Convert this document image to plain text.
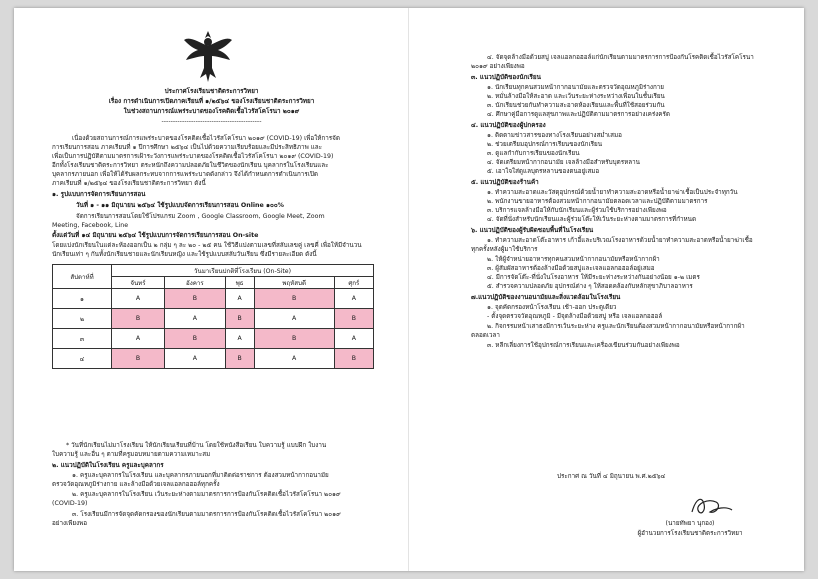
ประกาศโรงเรียนชาติตระการวิทยา
เรื่อง การดำเนินการเปิดภาคเรียนที่ ๑/๒๕๖๔ ของโรงเรียนชาติตระการวิทยา
ในช่วงสถานการณ์แพร่ระบาดของโรคติดเชื้อไวรัสโคโรนา ๒๐๑๙
--------------------------------------------
เนื่องด้วยสถานการณ์การแพร่ระบาดของโรคติดเชื้อไวรัสโคโรนา ๒๐๑๙ (COVID-19) เพื่อให้การจัด
การเรียนการสอน ภาคเรียนที่ ๑ ปีการศึกษา ๒๕๖๔ เป็นไปด้วยความเรียบร้อยและมีประสิทธิภาพ และ
เพื่อเป็นการปฏิบัติตามมาตรการเฝ้าระวังการแพร่ระบาดของโรคติดเชื้อไวรัสโคโรนา ๒๐๑๙ (COVID-19)
อีกทั้งโรงเรียนชาติตระการวิทยา ตระหนักถึงความปลอดภัยในชีวิตของนักเรียน บุคลากรในโรงเรียนและ
บุคลากรภายนอก เพื่อให้ได้รับผลกระทบจากการแพร่ระบาดดังกล่าว จึงได้กำหนดการดำเนินการเปิด
ภาคเรียนที่ ๑/๒๕๖๔ ของโรงเรียนชาติตระการวิทยา ดังนี้
๑. รูปแบบการจัดการเรียนการสอน
วันที่ ๑ - ๑๑ มิถุนายน ๒๕๖๔ ใช้รูปแบบจัดการเรียนการสอน Online ๑๐๐%
จัดการเรียนการสอนโดยใช้โปรแกรม Zoom , Google Classroom, Google Meet, Zoom
Meeting, Facebook, Line
ตั้งแต่วันที่ ๑๔ มิถุนายน ๒๕๖๔ ใช้รูปแบบการจัดการเรียนการสอน On-site
โดยแบ่งนักเรียนในแต่ละห้องออกเป็น ๒ กลุ่ม ๆ ละ ๒๐ - ๒๕ คน ใช้วิธีแบ่งตามเลขที่สลับเลขคู่ เลขคี่ เพื่อให้มีจำนวน
นักเรียนเท่า ๆ กันทั้งนักเรียนชายและนักเรียนหญิง และใช้รูปแบบสลับวันเรียน ซึ่งมีรายละเอียด ดังนี้
สัปดาห์ที่	วันมาเรียนปกติที่โรงเรียน (On-Site)				
	จันทร์	อังคาร	พุธ	พฤหัสบดี	ศุกร์
๑	A	B	A	B	A
๒	B	A	B	A	B
๓	A	B	A	B	A
๔	B	A	B	A	B
* วันที่นักเรียนไม่มาโรงเรียน ให้นักเรียนเรียนที่บ้าน โดยใช้หนังสือเรียน ใบความรู้ แบบฝึก ใบงาน
ใบความรู้ และอื่น ๆ ตามที่ครูมอบหมายตามความเหมาะสม
๒. แนวปฏิบัติในโรงเรียน ครูและบุคลากร
๑. ครูและบุคลากรในโรงเรียน และบุคลากรภายนอกที่มาติดต่อราชการ ต้องสวมหน้ากากอนามัย
ตรวจวัดอุณหภูมิร่างกาย และล้างมือด้วยเจลแอลกอฮอล์ทุกครั้ง
๒. ครูและบุคลากรในโรงเรียน เว้นระยะห่างตามมาตรการการป้องกันโรคติดเชื้อไวรัสโคโรนา ๒๐๑๙
(COVID-19)
๓. โรงเรียนมีการจัดจุดคัดกรองของนักเรียนตามมาตรการการป้องกันโรคติดเชื้อไวรัสโคโรนา ๒๐๑๙
อย่างเพียงพอ
๔. จัดจุดล้างมือด้วยสบู่ เจลแอลกอฮอล์แก่นักเรียนตามมาตรการการป้องกันโรคติดเชื้อไวรัสโคโรนา
๒๐๑๙ อย่างเพียงพอ
๓. แนวปฏิบัติของนักเรียน
๑. นักเรียนทุกคนสวมหน้ากากอนามัยและตรวจวัดอุณหภูมิร่างกาย
๒. หมั่นล้างมือให้สะอาด และเว้นระยะห่างระหว่างเพื่อนในชั้นเรียน
๓. นักเรียนช่วยกันทำความสะอาดห้องเรียนและพื้นที่ใช้สอยร่วมกัน
๔. ศึกษาคู่มือการดูแลสุขภาพและปฏิบัติตามมาตรการอย่างเคร่งครัด
๔. แนวปฏิบัติของผู้ปกครอง
๑. ติดตามข่าวสารของทางโรงเรียนอย่างสม่ำเสมอ
๒. ช่วยเตรียมอุปกรณ์การเรียนของนักเรียน
๓. ดูแลกำกับการเรียนของนักเรียน
๔. จัดเตรียมหน้ากากอนามัย เจลล้างมือสำหรับบุตรหลาน
๕. เอาใจใส่ดูแลบุตรหลานของตนอยู่เสมอ
๕. แนวปฏิบัติของร้านค้า
๑. ทำความสะอาดและวัสดุอุปกรณ์ด้วยน้ำยาทำความสะอาดหรือน้ำยาฆ่าเชื้อเป็นประจำทุกวัน
๒. พนักงานขายอาหารต้องสวมหน้ากากอนามัยตลอดเวลาและปฏิบัติตามมาตรการ
๓. บริการแจลล้างมือให้กับนักเรียนและผู้ร่วมใช้บริการอย่างเพียงพอ
๔. จัดที่นั่งสำหรับนักเรียนและผู้ร่วมโต๊ะให้เว้นระยะห่างตามมาตรการที่กำหนด
๖. แนวปฏิบัติของผู้รับผิดชอบพื้นที่ในโรงเรียน
๑. ทำความสะอาดโต๊ะอาหาร เก้าอี้และบริเวณโรงอาหารด้วยน้ำยาทำความสะอาดหรือน้ำยาฆ่าเชื้อ
ทุกครั้งหลังผู้มาใช้บริการ
๒. ให้ผู้จำหน่ายอาหารทุกคนสวมหน้ากากอนามัยหรือหน้ากากผ้า
๓. ผู้สัมผัสอาหารต้องล้างมือด้วยสบู่และเจลแอลกอฮอล์อยู่เสมอ
๔. มีการจัดโต๊ะ-ที่นั่งในโรงอาหาร ให้มีระยะห่างระหว่างกันอย่างน้อย ๑-๒ เมตร
๕. สำรวจความปลอดภัย อุปกรณ์ต่าง ๆ ให้สอดคล้องกับหลักสุขาภิบาลอาหาร
๗.แนวปฏิบัติของงานอนามัยและสิ่งแวดล้อมในโรงเรียน
๑. จุดคัดกรองหน้าโรงเรียน เช้า-ออก ประตูเดียว
- ตั้งจุดตรวจวัดอุณหภูมิ - มีจุดล้างมือด้วยสบู่ หรือ เจลแอลกอฮอล์
๒. กิจกรรมหน้าเสาธงมีการเว้นระยะห่าง ครูและนักเรียนต้องสวมหน้ากากอนามัยหรือหน้ากากผ้า
ตลอดเวลา
๓. หลีกเลี่ยงการใช้อุปกรณ์การเรียนและเครื่องเขียนร่วมกันอย่างเพียงพอ
ประกาศ ณ วันที่ ๔ มิถุนายน พ.ศ.๒๕๖๔
(นายทัพยา นุกอง)
ผู้อำนวยการโรงเรียนชาติตระการวิทยา
